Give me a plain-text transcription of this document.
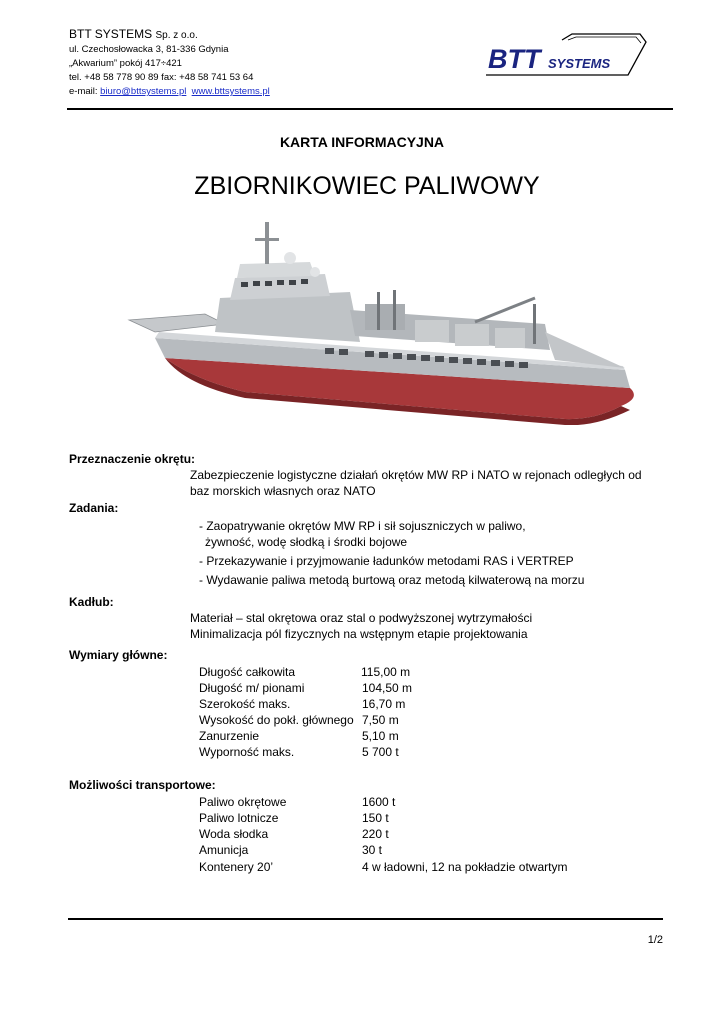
BTT SYSTEMS Sp. z o.o.
ul. Czechosłowacka 3, 81-336 Gdynia
„Akwarium” pokój 417÷421
tel. +48 58 778 90 89 fax: +48 58 741 53 64
e-mail: biuro@bttsystems.pl www.bttsystems.pl
BTT SYSTEMS
KARTA INFORMACYJNA
ZBIORNIKOWIEC PALIWOWY
Przeznaczenie okrętu:
Zabezpieczenie logistyczne działań okrętów MW RP i NATO w rejonach odległych od
baz morskich własnych oraz NATO
Zadania:
- Zaopatrywanie okrętów MW RP i sił sojuszniczych w paliwo,
żywność, wodę słodką i środki bojowe
- Przekazywanie i przyjmowanie ładunków metodami RAS i VERTREP
- Wydawanie paliwa metodą burtową oraz metodą kilwaterową na morzu
Kadłub:
Materiał – stal okrętowa oraz stal o podwyższonej wytrzymałości
Minimalizacja pól fizycznych na wstępnym etapie projektowania
Wymiary główne:
Długość całkowita	115,00 m
Długość m/ pionami	104,50 m
Szerokość maks.	16,70 m
Wysokość do pokł. głównego 7,50 m
Zanurzenie	5,10 m
Wyporność maks.	5 700 t
Możliwości transportowe:
Paliwo okrętowe	1600 t
Paliwo lotnicze	150 t
Woda słodka	220 t
Amunicja	30 t
Kontenery 20’	4 w ładowni, 12 na pokładzie otwartym
1/2
